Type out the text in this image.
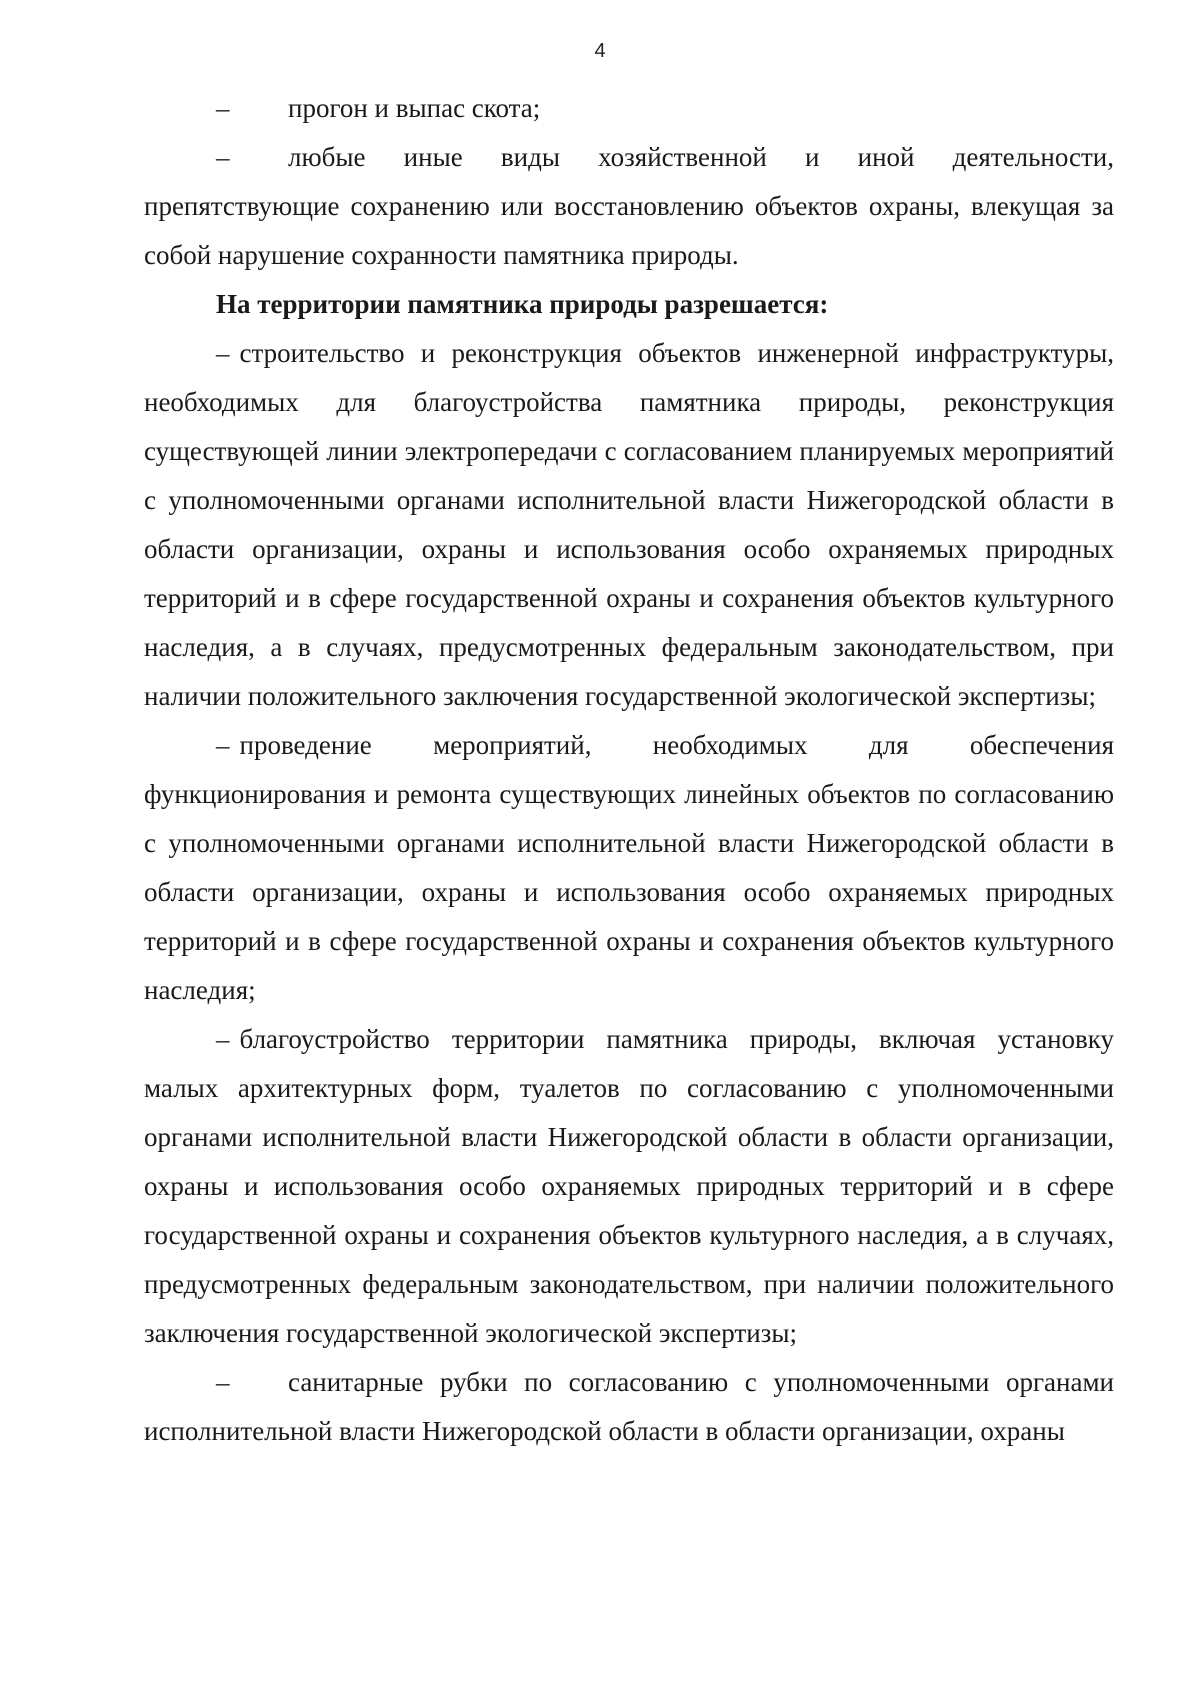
4

– прогон и выпас скота;

– любые иные виды хозяйственной и иной деятельности, препятствующие сохранению или восстановлению объектов охраны, влекущая за собой нарушение сохранности памятника природы.

На территории памятника природы разрешается:

– строительство и реконструкция объектов инженерной инфраструктуры, необходимых для благоустройства памятника природы, реконструкция существующей линии электропередачи с согласованием планируемых мероприятий с уполномоченными органами исполнительной власти Нижегородской области в области организации, охраны и использования особо охраняемых природных территорий и в сфере государственной охраны и сохранения объектов культурного наследия, а в случаях, предусмотренных федеральным законодательством, при наличии положительного заключения государственной экологической экспертизы;

– проведение мероприятий, необходимых для обеспечения функционирования и ремонта существующих линейных объектов по согласованию с уполномоченными органами исполнительной власти Нижегородской области в области организации, охраны и использования особо охраняемых природных территорий и в сфере государственной охраны и сохранения объектов культурного наследия;

– благоустройство территории памятника природы, включая установку малых архитектурных форм, туалетов по согласованию с уполномоченными органами исполнительной власти Нижегородской области в области организации, охраны и использования особо охраняемых природных территорий и в сфере государственной охраны и сохранения объектов культурного наследия, а в случаях, предусмотренных федеральным законодательством, при наличии положительного заключения государственной экологической экспертизы;

– санитарные рубки по согласованию с уполномоченными органами исполнительной власти Нижегородской области в области организации, охраны
